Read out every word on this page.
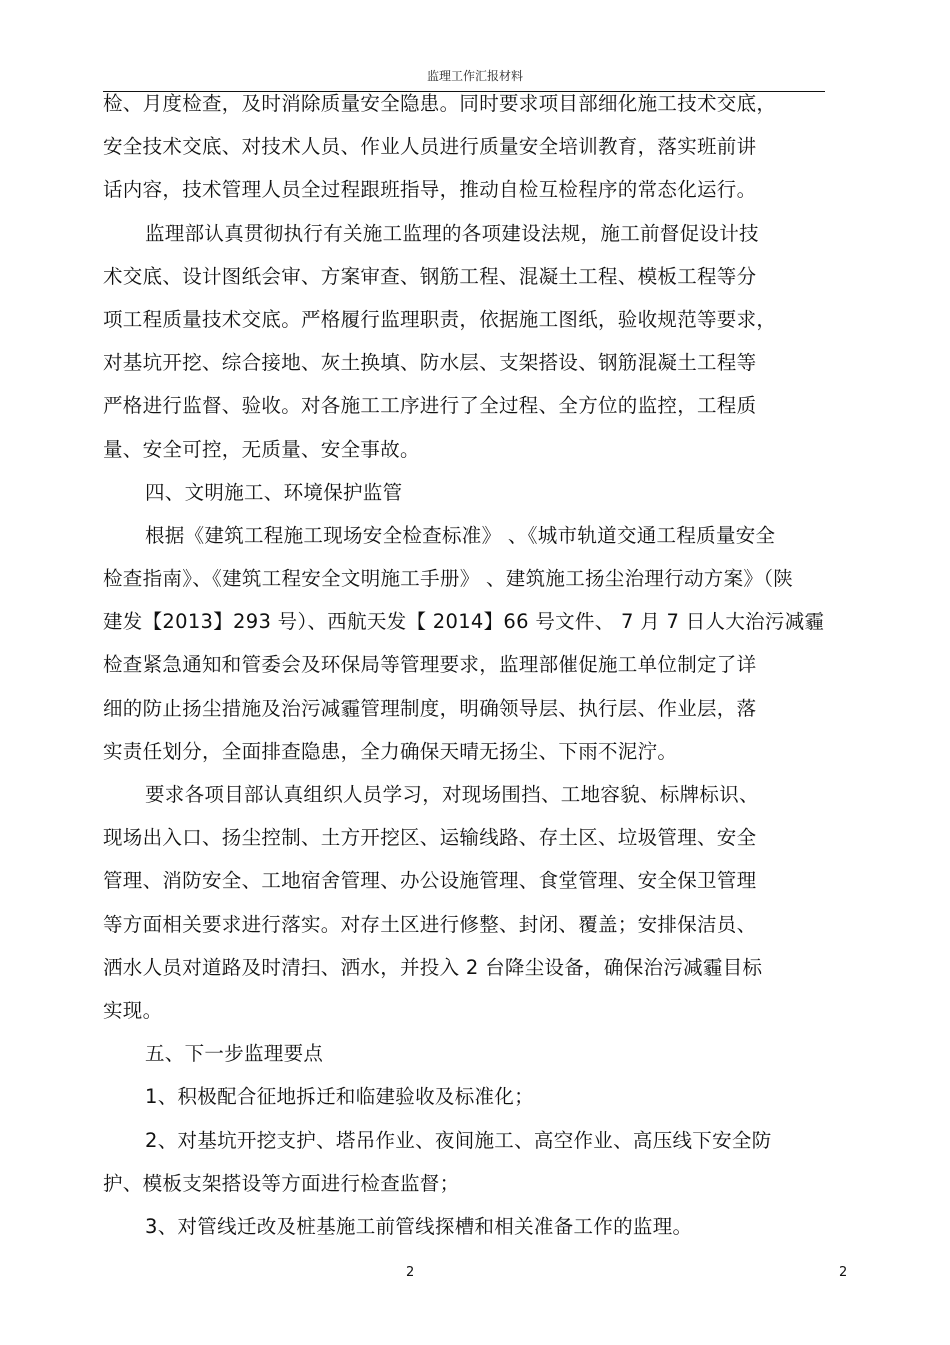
监理工作汇报材料
检、月度检查，及时消除质量安全隐患。同时要求项目部细化施工技术交底，
安全技术交底、对技术人员、作业人员进行质量安全培训教育，落实班前讲
话内容，技术管理人员全过程跟班指导，推动自检互检程序的常态化运行。
监理部认真贯彻执行有关施工监理的各项建设法规，施工前督促设计技
术交底、设计图纸会审、方案审查、钢筋工程、混凝土工程、模板工程等分
项工程质量技术交底。严格履行监理职责，依据施工图纸，验收规范等要求，
对基坑开挖、综合接地、灰土换填、防水层、支架搭设、钢筋混凝土工程等
严格进行监督、验收。对各施工工序进行了全过程、全方位的监控，工程质
量、安全可控，无质量、安全事故。
四、文明施工、环境保护监管
根据《建筑工程施工现场安全检查标准》 、《城市轨道交通工程质量安全
检查指南》、《建筑工程安全文明施工手册》 、建筑施工扬尘治理行动方案》（陕
建发【2013】293 号）、西航天发【 2014】66 号文件、 7 月 7 日人大治污减霾
检查紧急通知和管委会及环保局等管理要求，监理部催促施工单位制定了详
细的防止扬尘措施及治污减霾管理制度，明确领导层、执行层、作业层，落
实责任划分，全面排查隐患，全力确保天晴无扬尘、下雨不泥泞。
要求各项目部认真组织人员学习，对现场围挡、工地容貌、标牌标识、
现场出入口、扬尘控制、土方开挖区、运输线路、存土区、垃圾管理、安全
管理、消防安全、工地宿舍管理、办公设施管理、食堂管理、安全保卫管理
等方面相关要求进行落实。对存土区进行修整、封闭、覆盖；安排保洁员、
洒水人员对道路及时清扫、洒水，并投入 2 台降尘设备，确保治污减霾目标
实现。
五、下一步监理要点
1、积极配合征地拆迁和临建验收及标准化；
2、对基坑开挖支护、塔吊作业、夜间施工、高空作业、高压线下安全防
护、模板支架搭设等方面进行检查监督；
3、对管线迁改及桩基施工前管线探槽和相关准备工作的监理。
2	2
